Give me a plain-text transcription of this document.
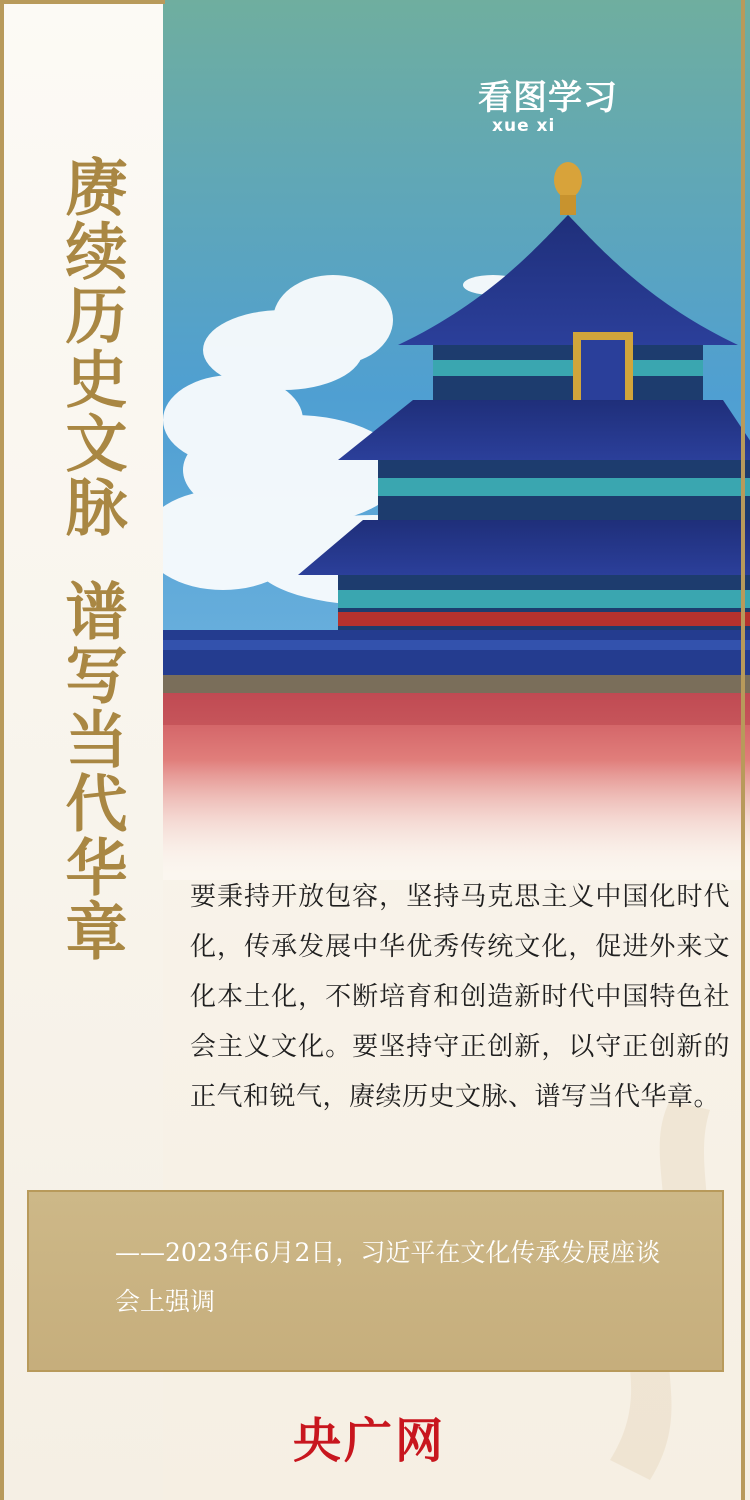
赓续历史文脉
谱写当代华章
看图学习
xue xi
要秉持开放包容，坚持马克思主义中国化时代化，传承发展中华优秀传统文化，促进外来文化本土化，不断培育和创造新时代中国特色社会主义文化。要坚持守正创新，以守正创新的正气和锐气，赓续历史文脉、谱写当代华章。
——2023年6月2日，习近平在文化传承发展座谈会上强调
央广网
